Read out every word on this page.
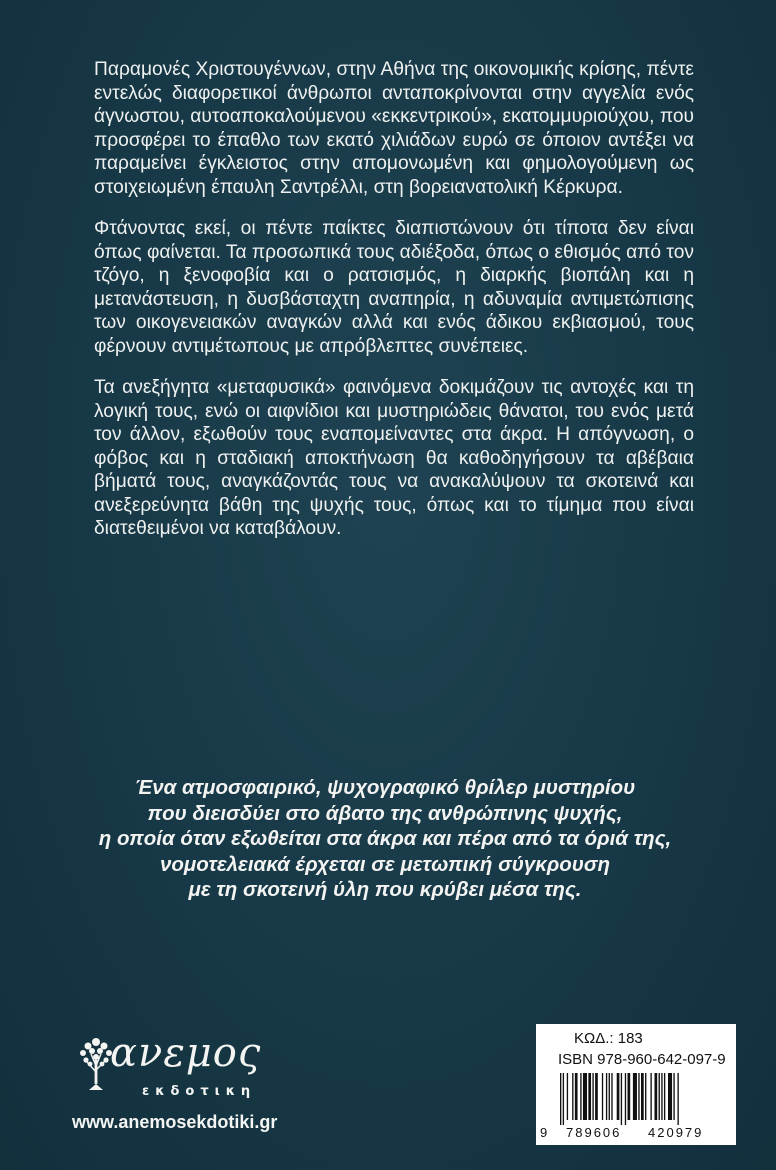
Παραμονές Χριστουγέννων, στην Αθήνα της οικονομικής κρίσης, πέντε εντελώς διαφορετικοί άνθρωποι ανταποκρίνονται στην αγγελία ενός άγνωστου, αυτοαποκαλούμενου «εκκεντρικού», εκατομμυριούχου, που προσφέρει το έπαθλο των εκατό χιλιάδων ευρώ σε όποιον αντέξει να παραμείνει έγκλειστος στην απομονωμένη και φημολογούμενη ως στοιχειωμένη έπαυλη Σαντρέλλι, στη βορειανατολική Κέρκυρα.

Φτάνοντας εκεί, οι πέντε παίκτες διαπιστώνουν ότι τίποτα δεν είναι όπως φαίνεται. Τα προσωπικά τους αδιέξοδα, όπως ο εθισμός από τον τζόγο, η ξενοφοβία και ο ρατσισμός, η διαρκής βιοπάλη και η μετανάστευση, η δυσβάσταχτη αναπηρία, η αδυναμία αντιμετώπισης των οικογενειακών αναγκών αλλά και ενός άδικου εκβιασμού, τους φέρνουν αντιμέτωπους με απρόβλεπτες συνέπειες.

Τα ανεξήγητα «μεταφυσικά» φαινόμενα δοκιμάζουν τις αντοχές και τη λογική τους, ενώ οι αιφνίδιοι και μυστηριώδεις θάνατοι, του ενός μετά τον άλλον, εξωθούν τους εναπομείναντες στα άκρα. Η απόγνωση, ο φόβος και η σταδιακή αποκτήνωση θα καθοδηγήσουν τα αβέβαια βήματά τους, αναγκάζοντάς τους να ανακαλύψουν τα σκοτεινά και ανεξερεύνητα βάθη της ψυχής τους, όπως και το τίμημα που είναι διατεθειμένοι να καταβάλουν.

Ένα ατμοσφαιρικό, ψυχογραφικό θρίλερ μυστηρίου
που διεισδύει στο άβατο της ανθρώπινης ψυχής,
η οποία όταν εξωθείται στα άκρα και πέρα από τα όριά της,
νομοτελειακά έρχεται σε μετωπική σύγκρουση
με τη σκοτεινή ύλη που κρύβει μέσα της.
ανεμος
εκδοτικη
www.anemosekdotiki.gr
ΚΩΔ.: 183
ISBN 978-960-642-097-9
9 789606 420979
